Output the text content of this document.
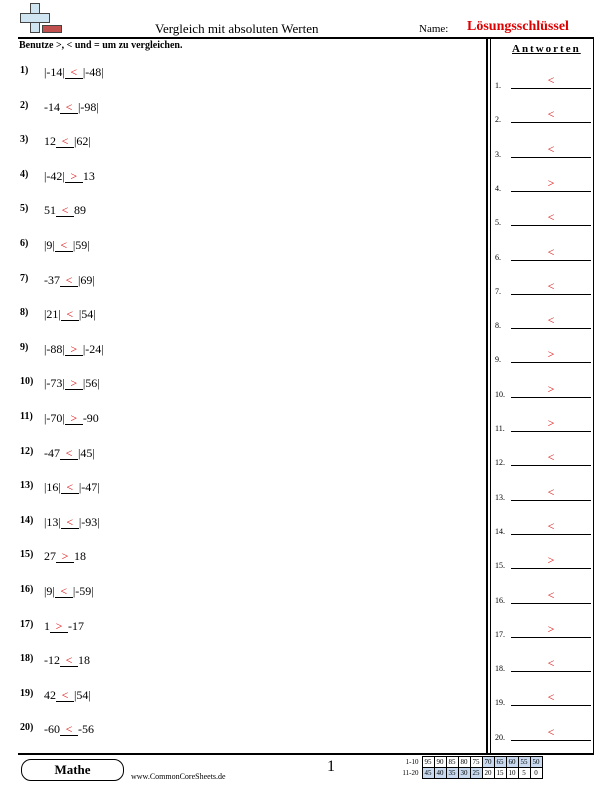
Vergleich mit absoluten Werten	Name: Lösungsschlüssel
Benutze >, < und = um zu vergleichen.	Antworten
1) |-14| < |-48|
2) -14 < |-98|
3) 12 < |62|
4) |-42| > 13
5) 51 < 89
6) |9| < |59|
7) -37 < |69|
8) |21| < |54|
9) |-88| > |-24|
10) |-73| > |56|
11) |-70| > -90
12) -47 < |45|
13) |16| < |-47|
14) |13| < |-93|
15) 27 > 18
16) |9| < |-59|
17) 1 > -17
18) -12 < 18
19) 42 < |54|
20) -60 < -56
1.	<
2.	<
3.	<
4.	>
5.	<
6.	<
7.	<
8.	<
9.	>
10.	>
11.	>
12.	<
13.	<
14.	<
15.	>
16.	<
17.	>
18.	<
19.	<
20.	<
Mathe	www.CommonCoreSheets.de
1	1-10	95	90	85	80	75	70	65	60	55	50
11-20	45	40	35	30	25	20	15	10	5	0
